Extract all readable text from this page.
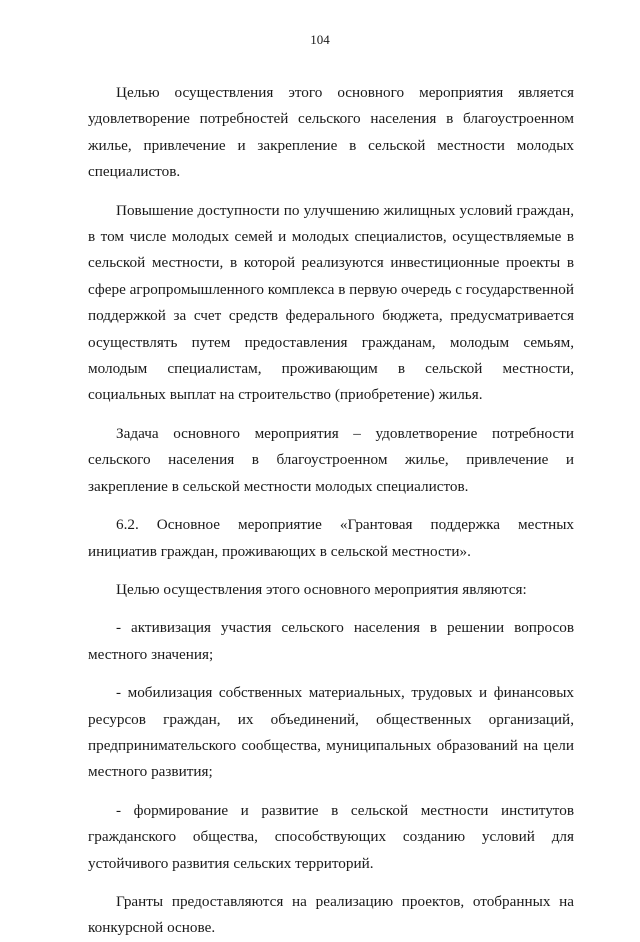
104

Целью осуществления этого основного мероприятия является удовлетворение потребностей сельского населения в благоустроенном жилье, привлечение и закрепление в сельской местности молодых специалистов.

Повышение доступности по улучшению жилищных условий граждан, в том числе молодых семей и молодых специалистов, осуществляемые в сельской местности, в которой реализуются инвестиционные проекты в сфере агропромышленного комплекса в первую очередь с государственной поддержкой за счет средств федерального бюджета, предусматривается осуществлять путем предоставления гражданам, молодым семьям, молодым специалистам, проживающим в сельской местности, социальных выплат на строительство (приобретение) жилья.

Задача основного мероприятия – удовлетворение потребности сельского населения в благоустроенном жилье, привлечение и закрепление в сельской местности молодых специалистов.

6.2. Основное мероприятие «Грантовая поддержка местных инициатив граждан, проживающих в сельской местности».

Целью осуществления этого основного мероприятия являются:

- активизация участия сельского населения в решении вопросов местного значения;

- мобилизация собственных материальных, трудовых и финансовых ресурсов граждан, их объединений, общественных организаций, предпринимательского сообщества, муниципальных образований на цели местного развития;

- формирование и развитие в сельской местности институтов гражданского общества, способствующих созданию условий для устойчивого развития сельских территорий.

Гранты предоставляются на реализацию проектов, отобранных на конкурсной основе.
